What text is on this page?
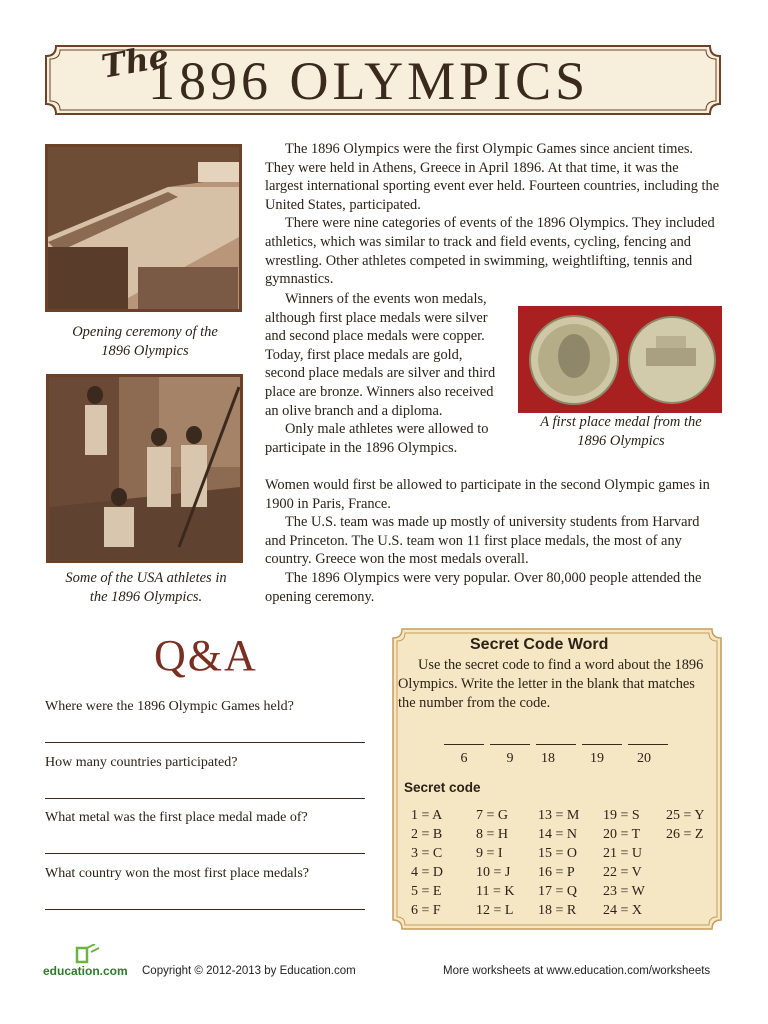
The
1896 OLYMPICS
Opening ceremony of the
1896 Olympics
Some of the USA athletes in
the 1896 Olympics.
A first place medal from the
1896 Olympics

The 1896 Olympics were the first Olympic Games since ancient times. They were held in Athens, Greece in April 1896. At that time, it was the largest international sporting event ever held. Fourteen countries, including the United States, participated.

There were nine categories of events of the 1896 Olympics. They included athletics, which was similar to track and field events, cycling, fencing and wrestling. Other athletes competed in swimming, weightlifting, tennis and gymnastics.

Winners of the events won medals, although first place medals were silver and second place medals were copper. Today, first place medals are gold, second place medals are silver and third place are bronze. Winners also received an olive branch and a diploma.

Only male athletes were allowed to participate in the 1896 Olympics.

Women would first be allowed to participate in the second Olympic games in 1900 in Paris, France.

The U.S. team was made up mostly of university students from Harvard and Princeton. The U.S. team won 11 first place medals, the most of any country. Greece won the most medals overall.

The 1896 Olympics were very popular. Over 80,000 people attended the opening ceremony.

Q&A
Where were the 1896 Olympic Games held?
How many countries participated?
What metal was the first place medal made of?
What country won the most first place medals?
Secret Code Word
Use the secret code to find a word about the 1896 Olympics. Write the letter in the blank that matches the number from the code.
6	9	18	19	20
Secret code
1 = A
2 = B
3 = C
4 = D
5 = E
6 = F
7 = G
8 = H
9 = I
10 = J
11 = K
12 = L
13 = M
14 = N
15 = O
16 = P
17 = Q
18 = R
19 = S
20 = T
21 = U
22 = V
23 = W
24 = X
25 = Y
26 = Z
education.com Copyright © 2012-2013 by Education.com	More worksheets at www.education.com/worksheets
